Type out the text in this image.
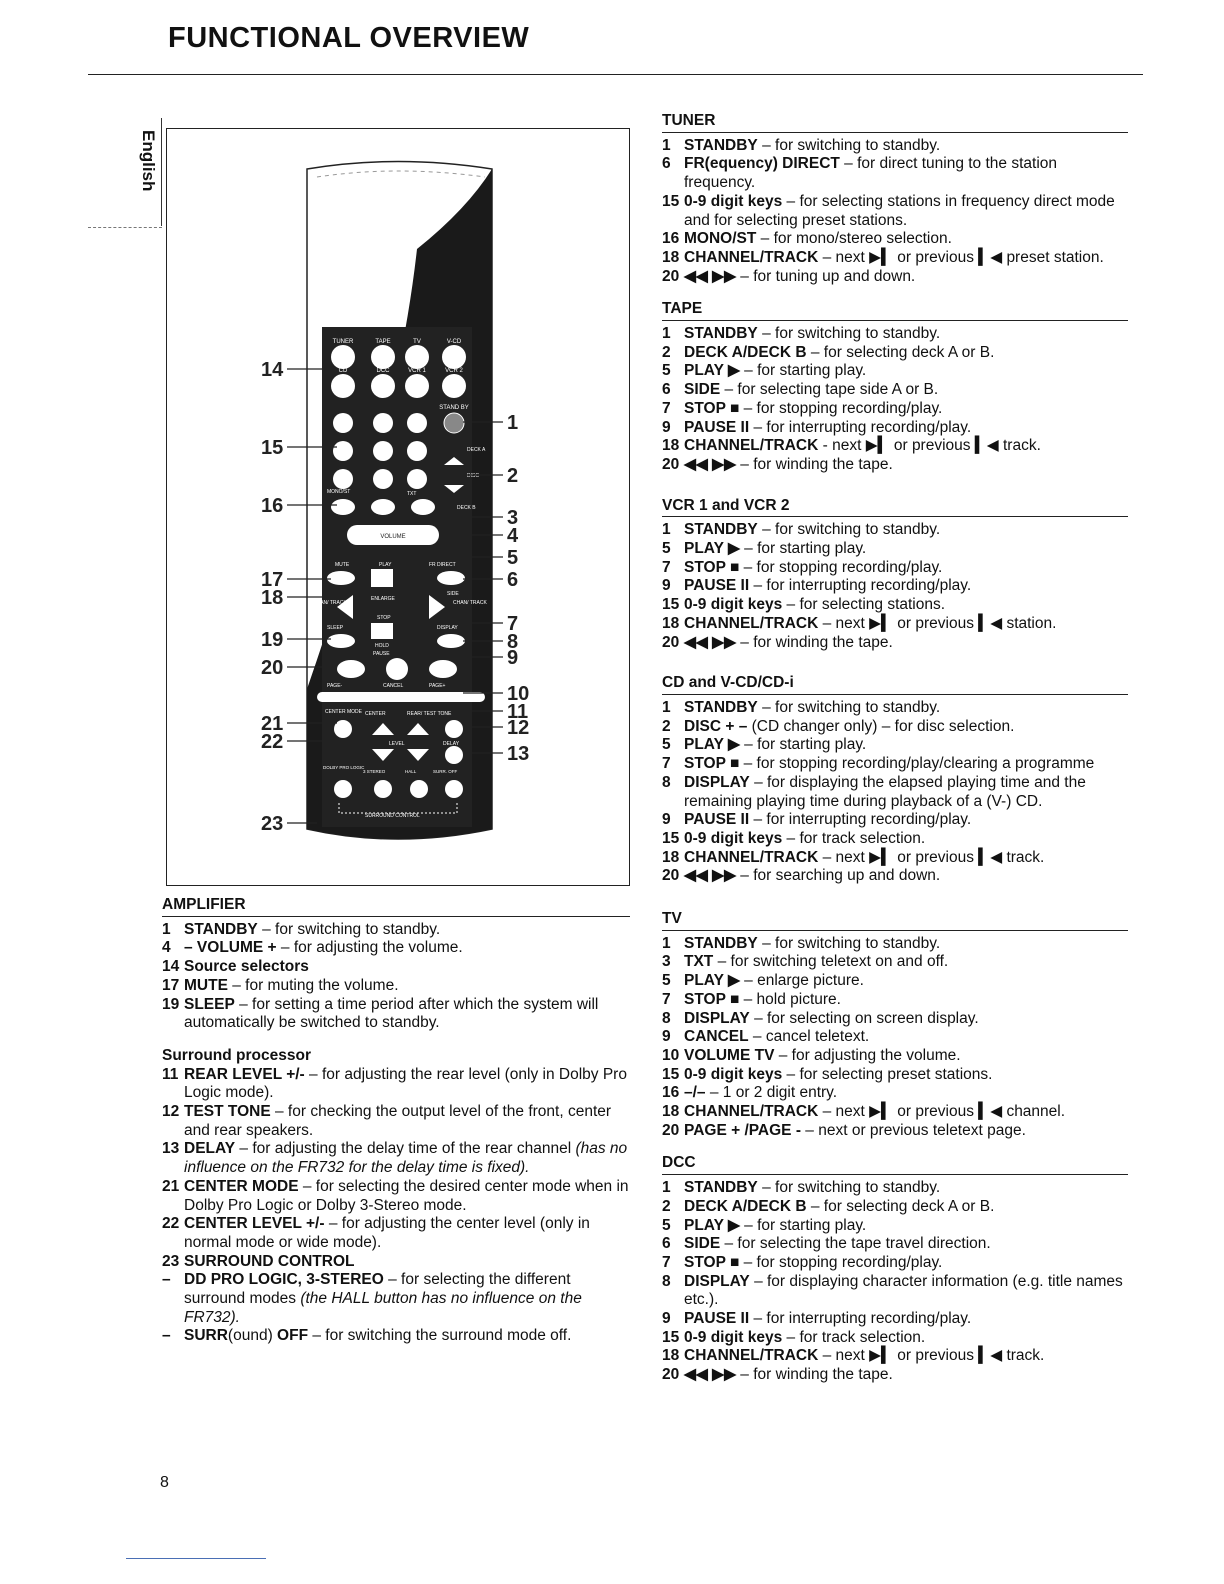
FUNCTIONAL OVERVIEW
English
TUNER	TAPE	TV	V-CD
CD	DCC	VCR 1	VCR 2
STAND BY
DECK A
DISC
DECK B
MONO/ST	TXT
VOLUME
MUTE	PLAY	FR DIRECT
SIDE
ENLARGE
CHAN/ TRACK	CHAN/ TRACK
STOP
SLEEP	DISPLAY
HOLD
PAUSE
PAGE-	CANCEL	PAGE+
CENTER MODE CENTER	REAR/ TEST TONE
LEVEL	DELAY
DOLBY PRO LOGIC
3 STEREO	HALL	SURR. OFF
SURROUND CONTROL
14
15
16
17
18
19
20
21
22
23
1
2
3
4
5
6
7
8
9
10
11
12
13
AMPLIFIER
1 STANDBY – for switching to standby.
4 – VOLUME + – for adjusting the volume.
14 Source selectors
17 MUTE – for muting the volume.
19 SLEEP – for setting a time period after which the system will automatically be switched to standby.
Surround processor
11 REAR LEVEL +/- – for adjusting the rear level (only in Dolby Pro Logic mode).
12 TEST TONE – for checking the output level of the front, center and rear speakers.
13 DELAY – for adjusting the delay time of the rear channel (has no influence on the FR732 for the delay time is fixed).
21 CENTER MODE – for selecting the desired center mode when in Dolby Pro Logic or Dolby 3-Stereo mode.
22 CENTER LEVEL +/- – for adjusting the center level (only in normal mode or wide mode).
23 SURROUND CONTROL
– DD PRO LOGIC, 3-STEREO – for selecting the different surround modes (the HALL button has no influence on the FR732).
– SURR(ound) OFF – for switching the surround mode off.
TUNER
1 STANDBY – for switching to standby.
6 FR(equency) DIRECT – for direct tuning to the station frequency.
15 0-9 digit keys – for selecting stations in frequency direct mode and for selecting preset stations.
16 MONO/ST – for mono/stereo selection.
18 CHANNEL/TRACK – next ▶▍ or previous ▍◀ preset station.
20 ◀◀ ▶▶ – for tuning up and down.
TAPE
1 STANDBY – for switching to standby.
2 DECK A/DECK B – for selecting deck A or B.
5 PLAY ▶ – for starting play.
6 SIDE – for selecting tape side A or B.
7 STOP ■ – for stopping recording/play.
9 PAUSE II – for interrupting recording/play.
18 CHANNEL/TRACK - next ▶▍ or previous ▍◀ track.
20 ◀◀ ▶▶ – for winding the tape.
VCR 1 and VCR 2
1 STANDBY – for switching to standby.
5 PLAY ▶ – for starting play.
7 STOP ■ – for stopping recording/play.
9 PAUSE II – for interrupting recording/play.
15 0-9 digit keys – for selecting stations.
18 CHANNEL/TRACK – next ▶▍ or previous ▍◀ station.
20 ◀◀ ▶▶ – for winding the tape.
CD and V-CD/CD-i
1 STANDBY – for switching to standby.
2 DISC + – (CD changer only) – for disc selection.
5 PLAY ▶ – for starting play.
7 STOP ■ – for stopping recording/play/clearing a programme
8 DISPLAY – for displaying the elapsed playing time and the remaining playing time during playback of a (V-) CD.
9 PAUSE II – for interrupting recording/play.
15 0-9 digit keys – for track selection.
18 CHANNEL/TRACK – next ▶▍ or previous ▍◀ track.
20 ◀◀ ▶▶ – for searching up and down.
TV
1 STANDBY – for switching to standby.
3 TXT – for switching teletext on and off.
5 PLAY ▶ – enlarge picture.
7 STOP ■ – hold picture.
8 DISPLAY – for selecting on screen display.
9 CANCEL – cancel teletext.
10 VOLUME TV – for adjusting the volume.
15 0-9 digit keys – for selecting preset stations.
16 –/– – 1 or 2 digit entry.
18 CHANNEL/TRACK – next ▶▍ or previous ▍◀ channel.
20 PAGE + /PAGE - – next or previous teletext page.
DCC
1 STANDBY – for switching to standby.
2 DECK A/DECK B – for selecting deck A or B.
5 PLAY ▶ – for starting play.
6 SIDE – for selecting the tape travel direction.
7 STOP ■ – for stopping recording/play.
8 DISPLAY – for displaying character information (e.g. title names etc.).
9 PAUSE II – for interrupting recording/play.
15 0-9 digit keys – for track selection.
18 CHANNEL/TRACK – next ▶▍ or previous ▍◀ track.
20 ◀◀ ▶▶ – for winding the tape.
8
